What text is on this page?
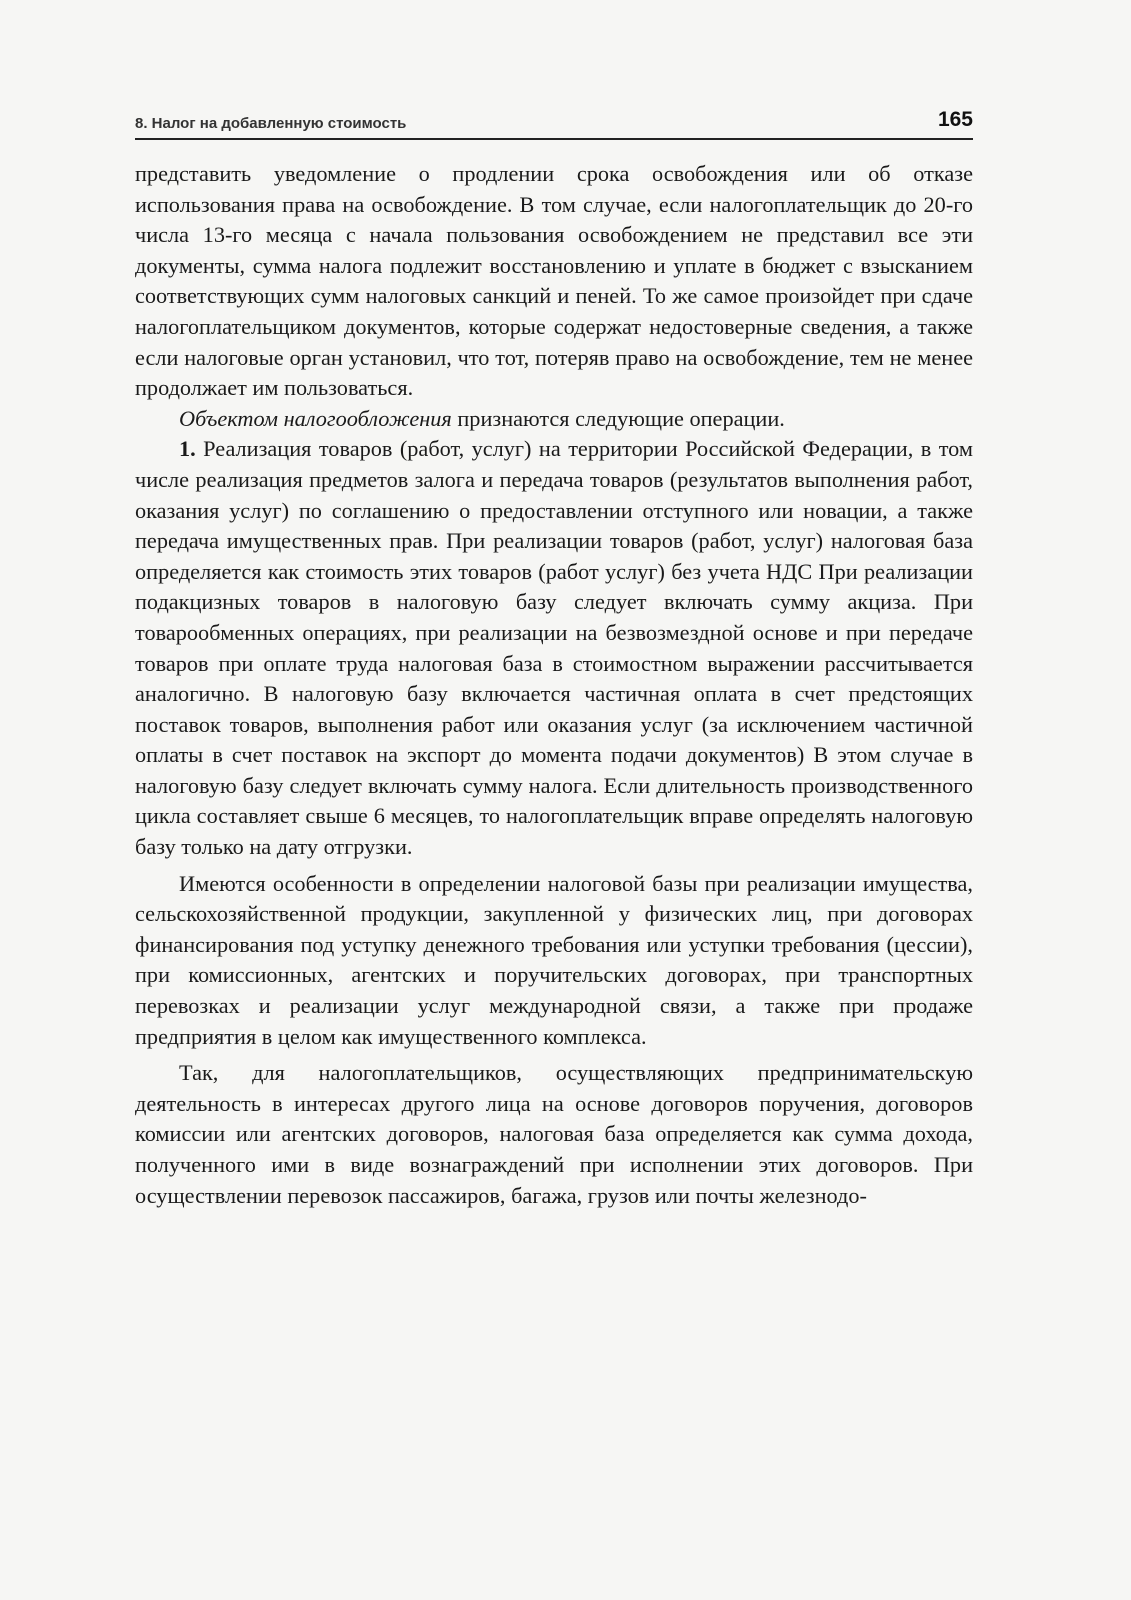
8. Налог на добавленную стоимость	165

представить уведомление о продлении срока освобождения или об отказе использования права на освобождение. В том случае, если налогоплательщик до 20-го числа 13-го месяца с начала пользования освобождением не представил все эти документы, сумма налога подлежит восстановлению и уплате в бюджет с взысканием соответствующих сумм налоговых санкций и пеней. То же самое произойдет при сдаче налогоплательщиком документов, которые содержат недостоверные сведения, а также если налоговые орган установил, что тот, потеряв право на освобождение, тем не менее продолжает им пользоваться.

Объектом налогообложения признаются следующие операции.

1. Реализация товаров (работ, услуг) на территории Российской Федерации, в том числе реализация предметов залога и передача товаров (результатов выполнения работ, оказания услуг) по соглашению о предоставлении отступного или новации, а также передача имущественных прав. При реализации товаров (работ, услуг) налоговая база определяется как стоимость этих товаров (работ услуг) без учета НДС При реализации подакцизных товаров в налоговую базу следует включать сумму акциза. При товарообменных операциях, при реализации на безвозмездной основе и при передаче товаров при оплате труда налоговая база в стоимостном выражении рассчитывается аналогично. В налоговую базу включается частичная оплата в счет предстоящих поставок товаров, выполнения работ или оказания услуг (за исключением частичной оплаты в счет поставок на экспорт до момента подачи документов) В этом случае в налоговую базу следует включать сумму налога. Если длительность производственного цикла составляет свыше 6 месяцев, то налогоплательщик вправе определять налоговую базу только на дату отгрузки.

Имеются особенности в определении налоговой базы при реализации имущества, сельскохозяйственной продукции, закупленной у физических лиц, при договорах финансирования под уступку денежного требования или уступки требования (цессии), при комиссионных, агентских и поручительских договорах, при транспортных перевозках и реализации услуг международной связи, а также при продаже предприятия в целом как имущественного комплекса.

Так, для налогоплательщиков, осуществляющих предпринимательскую деятельность в интересах другого лица на основе договоров поручения, договоров комиссии или агентских договоров, налоговая база определяется как сумма дохода, полученного ими в виде вознаграждений при исполнении этих договоров. При осуществлении перевозок пассажиров, багажа, грузов или почты железнодо-
